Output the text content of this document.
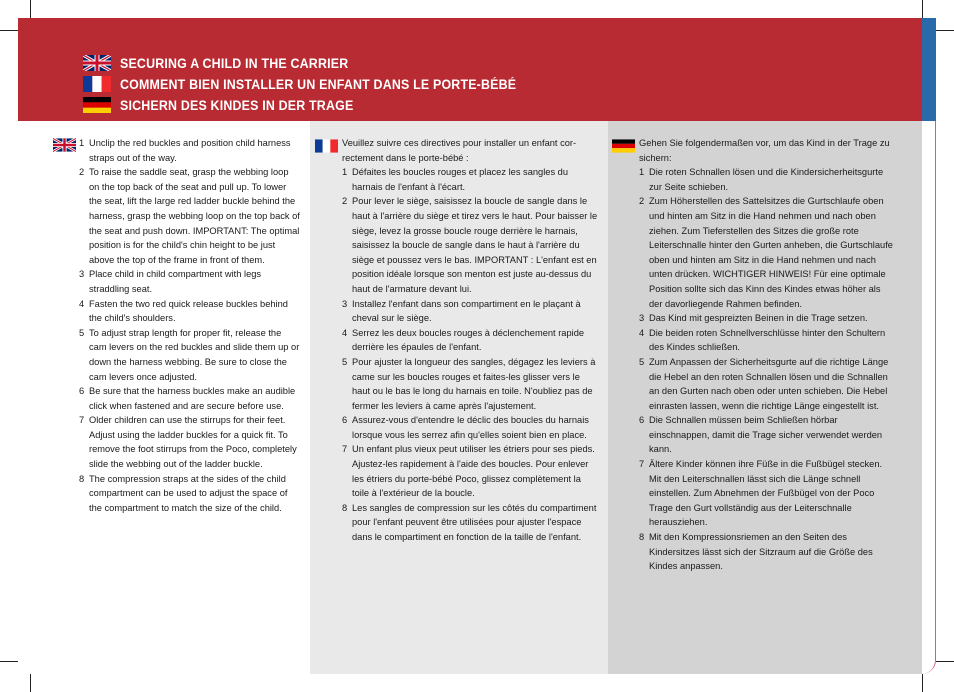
SECURING A CHILD IN THE CARRIER
COMMENT BIEN INSTALLER UN ENFANT DANS LE PORTE-BÉBÉ
SICHERN DES KINDES IN DER TRAGE
1 Unclip the red buckles and position child harness straps out of the way.
2 To raise the saddle seat, grasp the webbing loop on the top back of the seat and pull up. To lower the seat, lift the large red ladder buckle behind the harness, grasp the webbing loop on the top back of the seat and push down. IMPORTANT: The optimal position is for the child's chin height to be just above the top of the frame in front of them.
3 Place child in child compartment with legs straddling seat.
4 Fasten the two red quick release buckles behind the child's shoulders.
5 To adjust strap length for proper fit, release the cam levers on the red buckles and slide them up or down the harness webbing. Be sure to close the cam levers once adjusted.
6 Be sure that the harness buckles make an audible click when fastened and are secure before use.
7 Older children can use the stirrups for their feet. Adjust using the ladder buckles for a quick fit. To remove the foot stirrups from the Poco, completely slide the webbing out of the ladder buckle.
8 The compression straps at the sides of the child compartment can be used to adjust the space of the compartment to match the size of the child.

Veuillez suivre ces directives pour installer un enfant cor-rectement dans le porte-bébé :

1 Défaites les boucles rouges et placez les sangles du harnais de l'enfant à l'écart.
2 Pour lever le siège, saisissez la boucle de sangle dans le haut à l'arrière du siège et tirez vers le haut. Pour baisser le siège, levez la grosse boucle rouge derrière le harnais, saisissez la boucle de sangle dans le haut à l'arrière du siège et poussez vers le bas. IMPORTANT : L'enfant est en position idéale lorsque son menton est juste au-dessus du haut de l'armature devant lui.
3 Installez l'enfant dans son compartiment en le plaçant à cheval sur le siège.
4 Serrez les deux boucles rouges à déclenchement rapide derrière les épaules de l'enfant.
5 Pour ajuster la longueur des sangles, dégagez les leviers à came sur les boucles rouges et faites-les glisser vers le haut ou le bas le long du harnais en toile. N'oubliez pas de fermer les leviers à came après l'ajustement.
6 Assurez-vous d'entendre le déclic des boucles du harnais lorsque vous les serrez afin qu'elles soient bien en place.
7 Un enfant plus vieux peut utiliser les étriers pour ses pieds. Ajustez-les rapidement à l'aide des boucles. Pour enlever les étriers du porte-bébé Poco, glissez complètement la toile à l'extérieur de la boucle.
8 Les sangles de compression sur les côtés du compartiment pour l'enfant peuvent être utilisées pour ajuster l'espace dans le compartiment en fonction de la taille de l'enfant.

Gehen Sie folgendermaßen vor, um das Kind in der Trage zu sichern:

1 Die roten Schnallen lösen und die Kindersicherheitsgurte zur Seite schieben.
2 Zum Höherstellen des Sattelsitzes die Gurtschlaufe oben und hinten am Sitz in die Hand nehmen und nach oben ziehen. Zum Tieferstellen des Sitzes die große rote Leiterschnalle hinter den Gurten anheben, die Gurtschlaufe oben und hinten am Sitz in die Hand nehmen und nach unten drücken. WICHTIGER HINWEIS! Für eine optimale Position sollte sich das Kinn des Kindes etwas höher als der davorliegende Rahmen befinden.
3 Das Kind mit gespreizten Beinen in die Trage setzen.
4 Die beiden roten Schnellverschlüsse hinter den Schultern des Kindes schließen.
5 Zum Anpassen der Sicherheitsgurte auf die richtige Länge die Hebel an den roten Schnallen lösen und die Schnallen an den Gurten nach oben oder unten schieben. Die Hebel einrasten lassen, wenn die richtige Länge eingestellt ist.
6 Die Schnallen müssen beim Schließen hörbar einschnappen, damit die Trage sicher verwendet werden kann.
7 Ältere Kinder können ihre Füße in die Fußbügel stecken. Mit den Leiterschnallen lässt sich die Länge schnell einstellen. Zum Abnehmen der Fußbügel von der Poco Trage den Gurt vollständig aus der Leiterschnalle herausziehen.
8 Mit den Kompressionsriemen an den Seiten des Kindersitzes lässt sich der Sitzraum auf die Größe des Kindes anpassen.
